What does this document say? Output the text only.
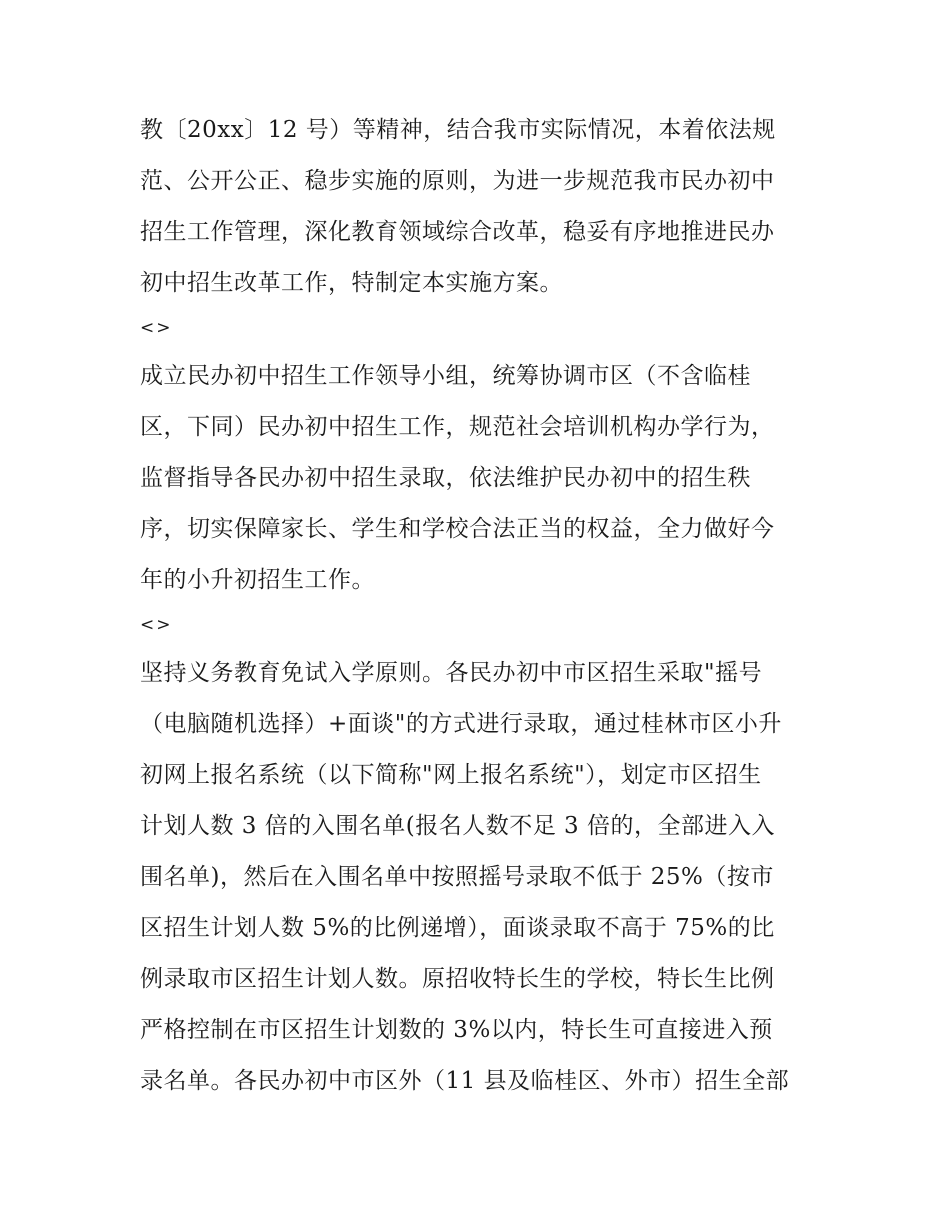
教〔20xx〕12 号）等精神，结合我市实际情况，本着依法规
范、公开公正、稳步实施的原则，为进一步规范我市民办初中
招生工作管理，深化教育领域综合改革，稳妥有序地推进民办
初中招生改革工作，特制定本实施方案。
<>
成立民办初中招生工作领导小组，统筹协调市区（不含临桂
区，下同）民办初中招生工作，规范社会培训机构办学行为，
监督指导各民办初中招生录取，依法维护民办初中的招生秩
序，切实保障家长、学生和学校合法正当的权益，全力做好今
年的小升初招生工作。
<>
坚持义务教育免试入学原则。各民办初中市区招生采取"摇号
（电脑随机选择）+面谈"的方式进行录取，通过桂林市区小升
初网上报名系统（以下简称"网上报名系统"），划定市区招生
计划人数 3 倍的入围名单(报名人数不足 3 倍的，全部进入入
围名单)，然后在入围名单中按照摇号录取不低于 25%（按市
区招生计划人数 5%的比例递增），面谈录取不高于 75%的比
例录取市区招生计划人数。原招收特长生的学校，特长生比例
严格控制在市区招生计划数的 3%以内，特长生可直接进入预
录名单。各民办初中市区外（11 县及临桂区、外市）招生全部
